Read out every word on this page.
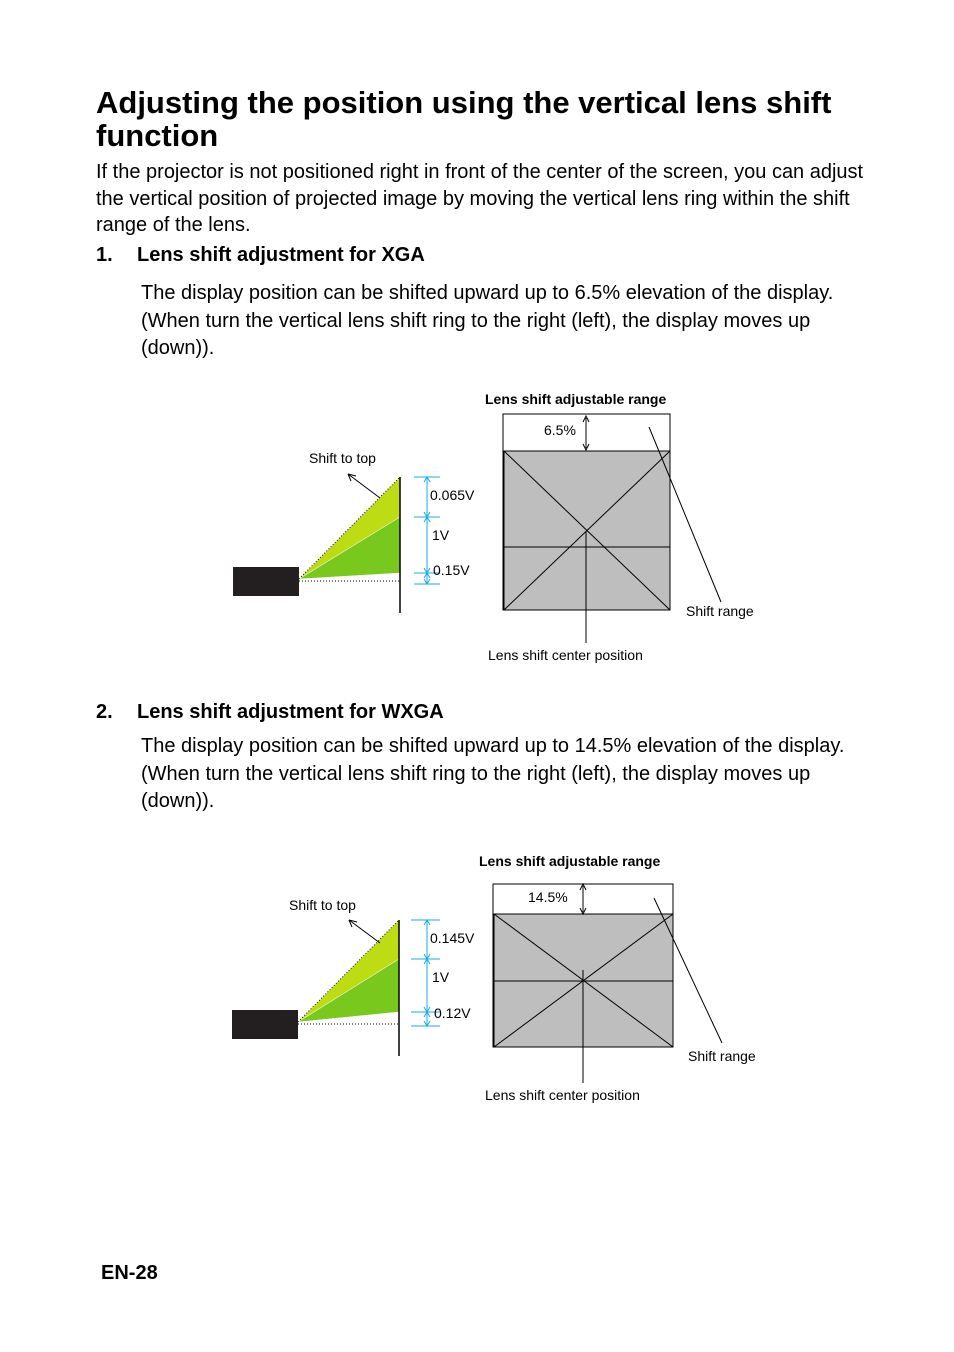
Adjusting the position using the vertical lens shift function

If the projector is not positioned right in front of the center of the screen, you can adjust the vertical position of projected image by moving the vertical lens ring within the shift range of the lens.

1. Lens shift adjustment for XGA

The display position can be shifted upward up to 6.5% elevation of the display. (When turn the vertical lens shift ring to the right (left), the display moves up (down)).

Lens shift adjustable range
6.5%
Shift range
Lens shift center position
Shift to top
0.065V
1V
0.15V
2. Lens shift adjustment for WXGA

The display position can be shifted upward up to 14.5% elevation of the display. (When turn the vertical lens shift ring to the right (left), the display moves up (down)).

Lens shift adjustable range
14.5%
Shift range
Lens shift center position
Shift to top
0.145V
1V
0.12V
EN-28
